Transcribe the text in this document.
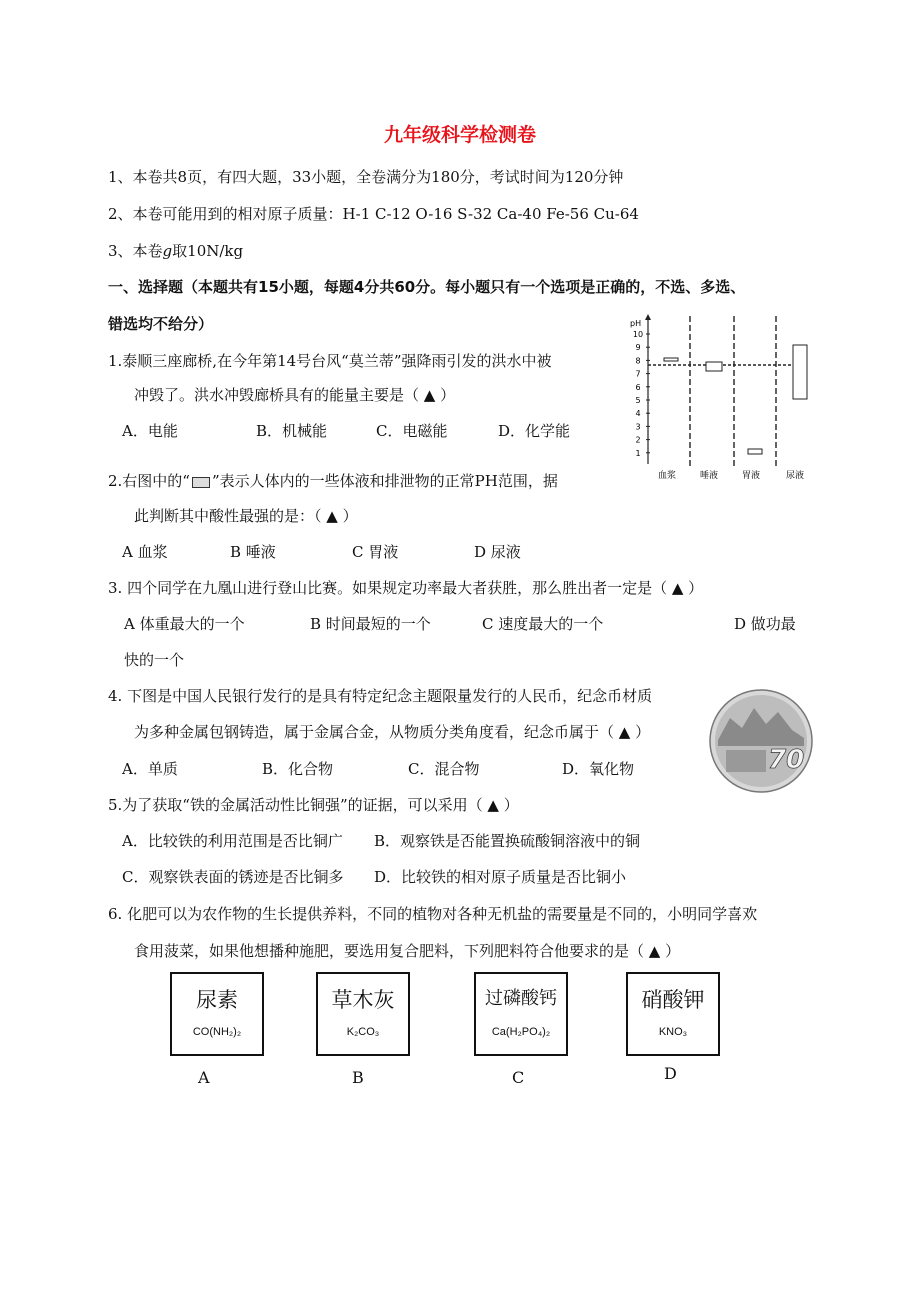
九年级科学检测卷
1、本卷共8页，有四大题，33小题，全卷满分为180分，考试时间为120分钟
2、本卷可能用到的相对原子质量：H-1 C-12 O-16 S-32 Ca-40 Fe-56 Cu-64
3、本卷g取10N/kg
一、选择题（本题共有15小题，每题4分共60分。每小题只有一个选项是正确的，不选、多选、
错选均不给分）
1.泰顺三座廊桥,在今年第14号台风“莫兰蒂”强降雨引发的洪水中被
冲毁了。洪水冲毁廊桥具有的能量主要是（ ▲ ）
A．电能	B．机械能	C．电磁能	D．化学能
pH
10
9
8
7
6
5
4
3
2
1
血浆	唾液	胃液	尿液
2.右图中的“ ”表示人体内的一些体液和排泄物的正常PH范围，据
此判断其中酸性最强的是：（ ▲ ）
A 血浆	B 唾液	C 胃液	D 尿液
3. 四个同学在九凰山进行登山比赛。如果规定功率最大者获胜，那么胜出者一定是（ ▲ ）
A 体重最大的一个	B 时间最短的一个	C 速度最大的一个	D 做功最
快的一个
4. 下图是中国人民银行发行的是具有特定纪念主题限量发行的人民币，纪念币材质
为多种金属包钢铸造，属于金属合金，从物质分类角度看，纪念币属于（ ▲ ）
A．单质	B．化合物	C．混合物	D．氧化物	70
5.为了获取“铁的金属活动性比铜强”的证据，可以采用（ ▲ ）
A．比较铁的利用范围是否比铜广 B．观察铁是否能置换硫酸铜溶液中的铜
C．观察铁表面的锈迹是否比铜多 D．比较铁的相对原子质量是否比铜小
6. 化肥可以为农作物的生长提供养料，不同的植物对各种无机盐的需要量是不同的，小明同学喜欢
食用菠菜，如果他想播种施肥，要选用复合肥料，下列肥料符合他要求的是（ ▲ ）
尿素
CO(NH₂)₂
草木灰
K₂CO₃
过磷酸钙
Ca(H₂PO₄)₂
硝酸钾
KNO₃
A	B	C	D
